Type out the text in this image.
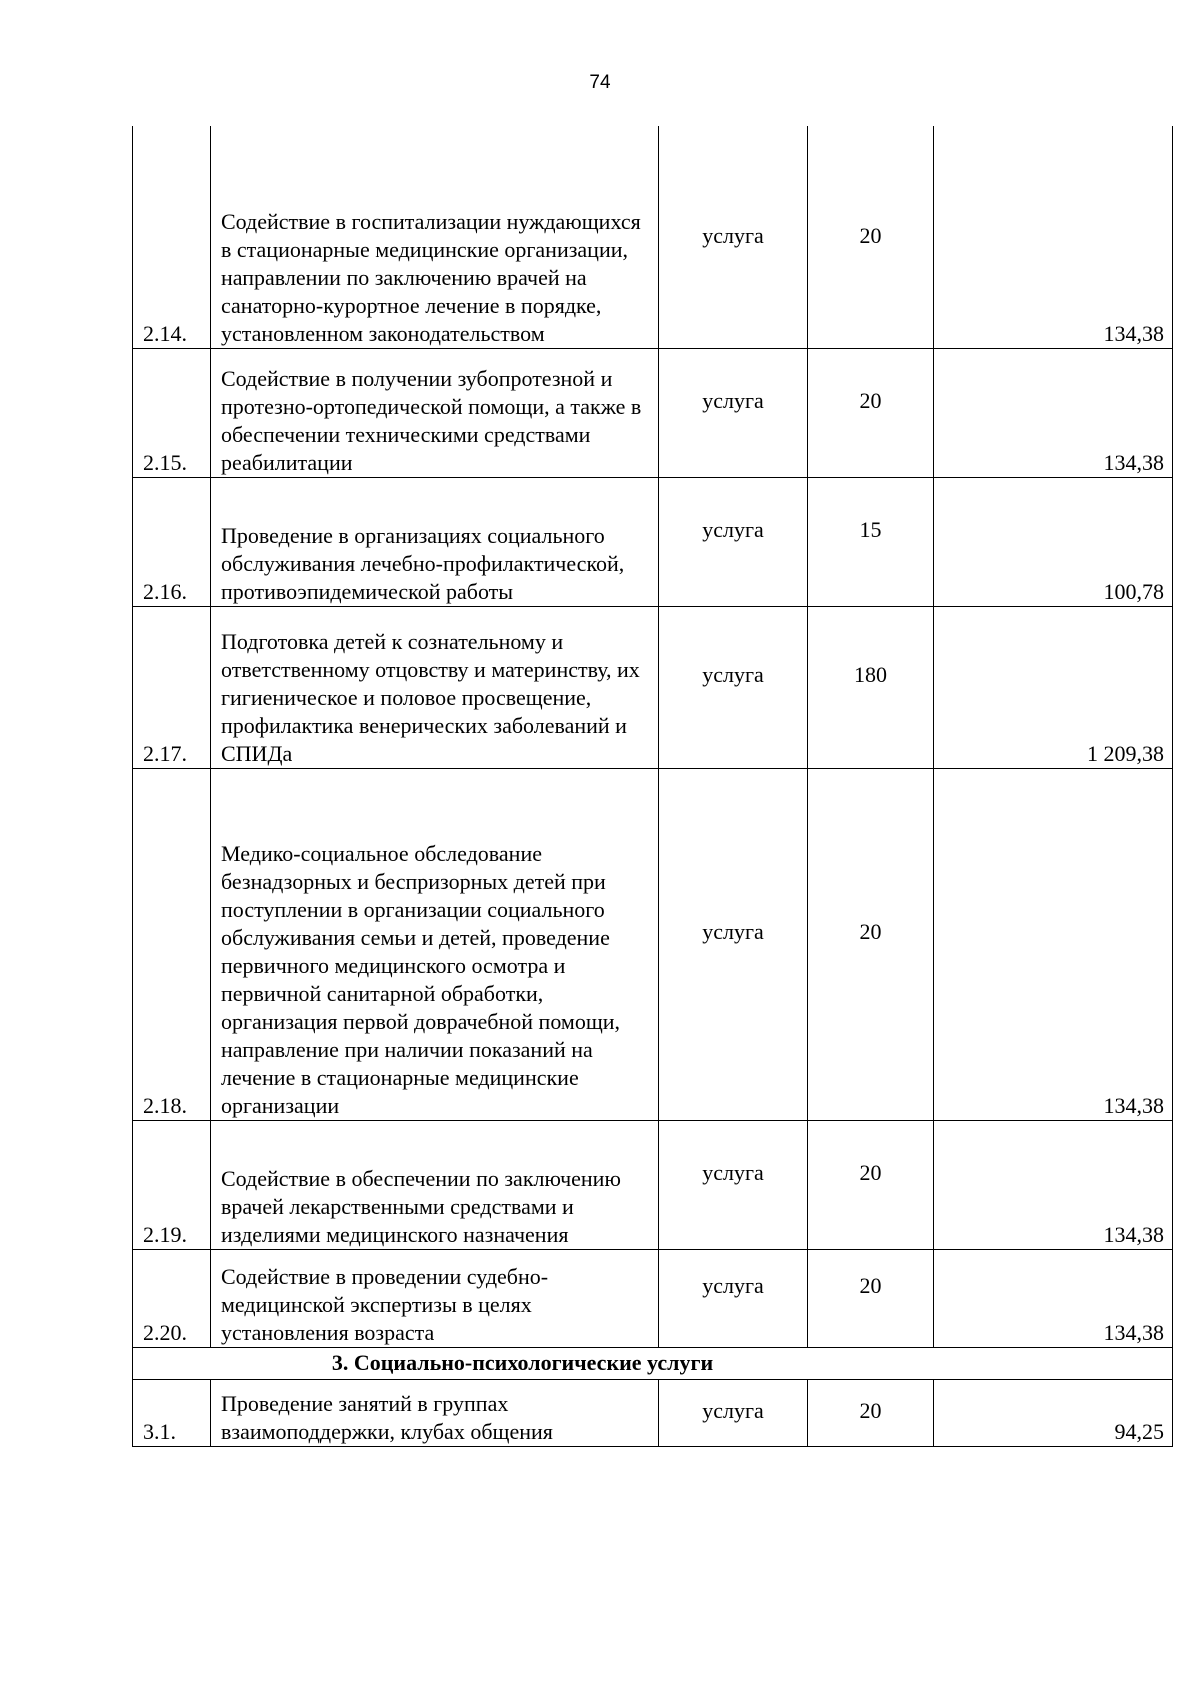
74
2.14.	Содействие в госпитализации нуждающихся в стационарные медицинские организации, направлении по заключению врачей на санаторно-курортное лечение в порядке, установленном законодательством	услуга	20	134,38
2.15.	Содействие в получении зубопротезной и протезно-ортопедической помощи, а также в обеспечении техническими средствами реабилитации	услуга	20	134,38
2.16.	Проведение в организациях социального обслуживания лечебно-профилактической, противоэпидемической работы	услуга	15	100,78
2.17.	Подготовка детей к сознательному и ответственному отцовству и материнству, их гигиеническое и половое просвещение, профилактика венерических заболеваний и СПИДа	услуга	180	1 209,38
2.18.	Медико-социальное обследование безнадзорных и беспризорных детей при поступлении в организации социального обслуживания семьи и детей, проведение первичного медицинского осмотра и первичной санитарной обработки, организация первой доврачебной помощи, направление при наличии показаний на лечение в стационарные медицинские организации	услуга	20	134,38
2.19.	Содействие в обеспечении по заключению врачей лекарственными средствами и изделиями медицинского назначения	услуга	20	134,38
2.20.	Содействие в проведении судебно-медицинской экспертизы в целях установления возраста	услуга	20	134,38
3. Социально-психологические услуги				
3.1.	Проведение занятий в группах взаимоподдержки, клубах общения	услуга	20	94,25
